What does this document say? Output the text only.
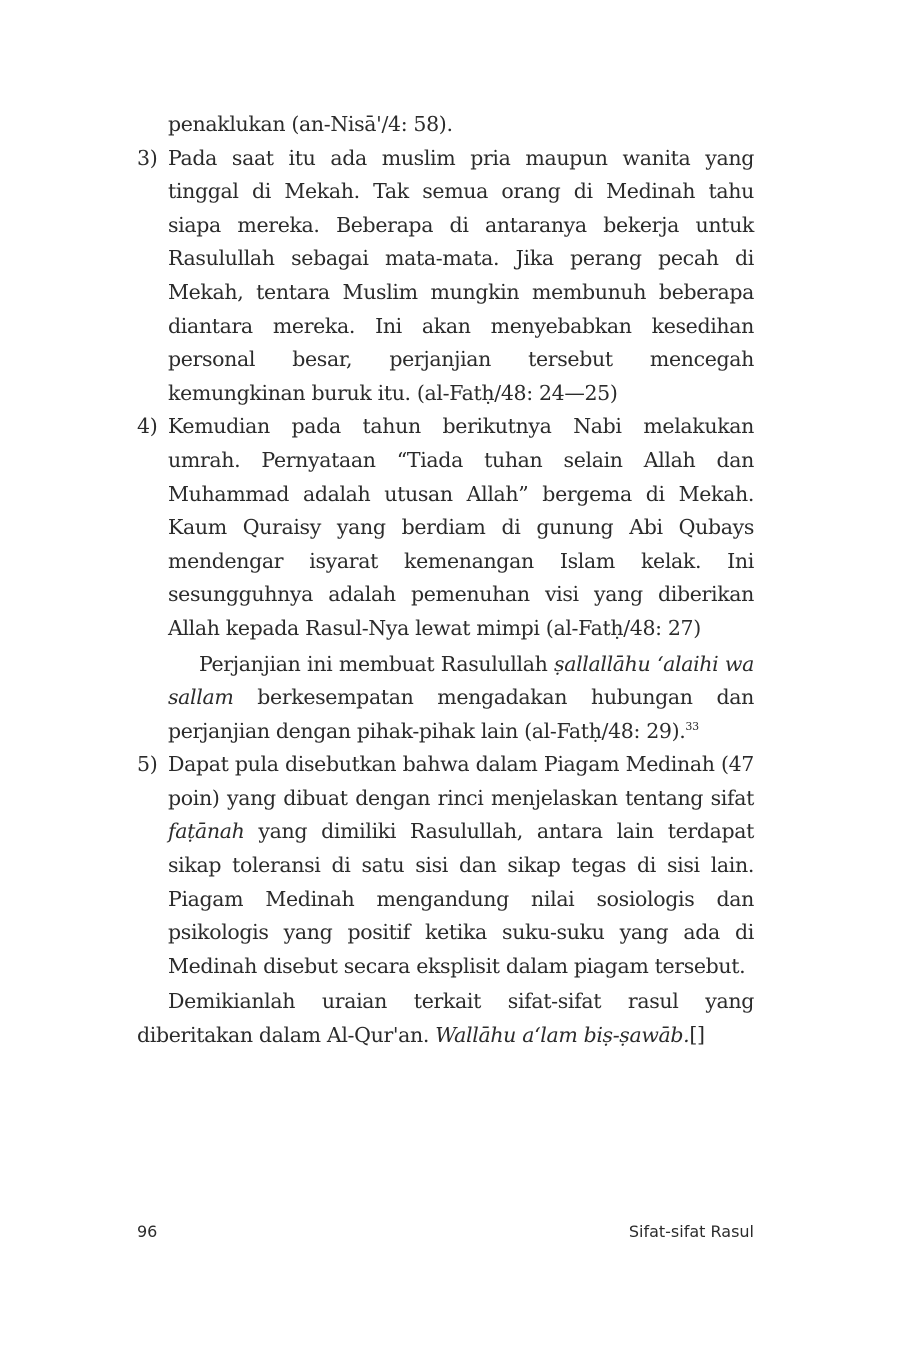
penaklukan (an-Nisā'/4: 58).

3) Pada saat itu ada muslim pria maupun wanita yang tinggal di Mekah. Tak semua orang di Medinah tahu siapa mereka. Beberapa di antaranya bekerja untuk Rasulullah sebagai mata-mata. Jika perang pecah di Mekah, tentara Muslim mungkin membunuh beberapa diantara mereka. Ini akan menyebabkan kesedihan personal besar, perjanjian tersebut mencegah kemungkinan buruk itu. (al-Fatḥ/48: 24—25)

4) Kemudian pada tahun berikutnya Nabi melakukan umrah. Pernyataan “Tiada tuhan selain Allah dan Muhammad adalah utusan Allah” bergema di Mekah. Kaum Quraisy yang berdiam di gunung Abi Qubays mendengar isyarat kemenangan Islam kelak. Ini sesungguhnya adalah pemenuhan visi yang diberikan Allah kepada Rasul-Nya lewat mimpi (al-Fatḥ/48: 27)

Perjanjian ini membuat Rasulullah ṣallallāhu ‘alaihi wa sallam berkesempatan mengadakan hubungan dan perjanjian dengan pihak-pihak lain (al-Fatḥ/48: 29).$^{33}$

5) Dapat pula disebutkan bahwa dalam Piagam Medinah (47 poin) yang dibuat dengan rinci menjelaskan tentang sifat faṭānah yang dimiliki Rasulullah, antara lain terdapat sikap toleransi di satu sisi dan sikap tegas di sisi lain. Piagam Medinah mengandung nilai sosiologis dan psikologis yang positif ketika suku-suku yang ada di Medinah disebut secara eksplisit dalam piagam tersebut.

Demikianlah uraian terkait sifat-sifat rasul yang diberitakan dalam Al-Qur'an. Wallāhu a‘lam biṣ-ṣawāb.[]

96	Sifat-sifat Rasul
